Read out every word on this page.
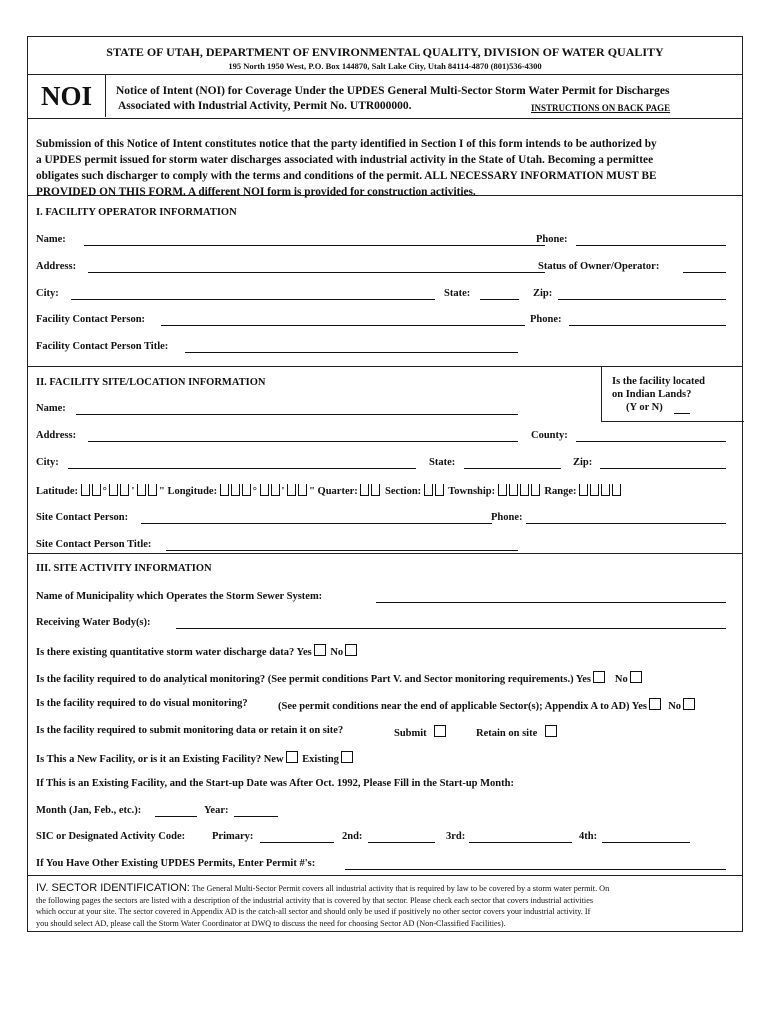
STATE OF UTAH, DEPARTMENT OF ENVIRONMENTAL QUALITY, DIVISION OF WATER QUALITY
195 North 1950 West, P.O. Box 144870, Salt Lake City, Utah 84114-4870 (801)536-4300
NOI	Notice of Intent (NOI) for Coverage Under the UPDES General Multi-Sector Storm Water Permit for Discharges
Associated with Industrial Activity, Permit No. UTR000000.	INSTRUCTIONS ON BACK PAGE
Submission of this Notice of Intent constitutes notice that the party identified in Section I of this form intends to be authorized by
a UPDES permit issued for storm water discharges associated with industrial activity in the State of Utah. Becoming a permittee
obligates such discharger to comply with the terms and conditions of the permit. ALL NECESSARY INFORMATION MUST BE
PROVIDED ON THIS FORM. A different NOI form is provided for construction activities.
I. FACILITY OPERATOR INFORMATION
Name:	Phone:
Address:	Status of Owner/Operator:
City:	State:	Zip:
Facility Contact Person:	Phone:
Facility Contact Person Title:
II. FACILITY SITE/LOCATION INFORMATION	Is the facility located
on Indian Lands?
(Y or N)
Name:
Address:	County:
City:	State:	Zip:
Latitude: ° ' " Longitude:	° ' " Quarter:	Section:	Township:	Range:
Site Contact Person:	Phone:
Site Contact Person Title:
III. SITE ACTIVITY INFORMATION
Name of Municipality which Operates the Storm Sewer System:
Receiving Water Body(s):
Is there existing quantitative storm water discharge data? Yes No
Is the facility required to do analytical monitoring? (See permit conditions Part V. and Sector monitoring requirements.) Yes No
Is the facility required to do visual monitoring?	(See permit conditions near the end of applicable Sector(s); Appendix A to AD) Yes No
Is the facility required to submit monitoring data or retain it on site?	Submit	Retain on site
Is This a New Facility, or is it an Existing Facility? New Existing
If This is an Existing Facility, and the Start-up Date was After Oct. 1992, Please Fill in the Start-up Month:
Month (Jan, Feb., etc.):	Year:
SIC or Designated Activity Code:	Primary:	2nd:	3rd:	4th:
If You Have Other Existing UPDES Permits, Enter Permit #'s:
IV. SECTOR IDENTIFICATION: The General Multi-Sector Permit covers all industrial activity that is required by law to be covered by a storm water permit. On
the following pages the sectors are listed with a description of the industrial activity that is covered by that sector. Please check each sector that covers industrial activities
which occur at your site. The sector covered in Appendix AD is the catch-all sector and should only be used if positively no other sector covers your industrial activity. If
you should select AD, please call the Storm Water Coordinator at DWQ to discuss the need for choosing Sector AD (Non-Classified Facilities).
